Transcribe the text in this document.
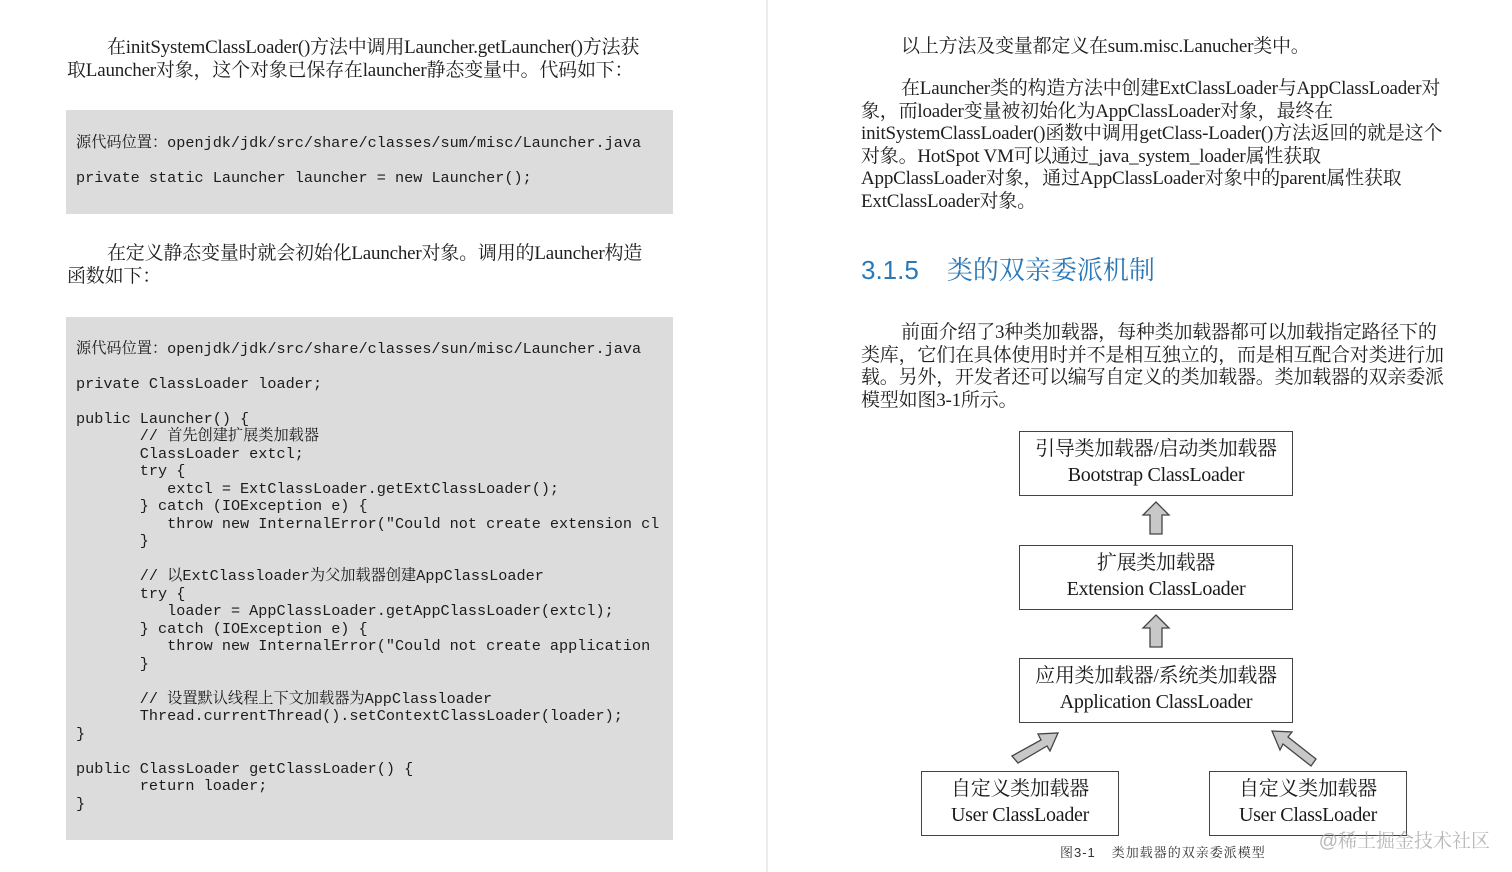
在initSystemClassLoader()方法中调用Launcher.getLauncher()方法获
取Launcher对象，这个对象已保存在launcher静态变量中。代码如下：
源代码位置：openjdk/jdk/src/share/classes/sum/misc/Launcher.java
private static Launcher launcher = new Launcher();
在定义静态变量时就会初始化Launcher对象。调用的Launcher构造
函数如下：
源代码位置：openjdk/jdk/src/share/classes/sun/misc/Launcher.java
private ClassLoader loader;
public Launcher() {
// 首先创建扩展类加载器
ClassLoader extcl;
try {
extcl = ExtClassLoader.getExtClassLoader();
} catch (IOException e) {
throw new InternalError("Could not create extension cl
}
// 以ExtClassloader为父加载器创建AppClassLoader
try {
loader = AppClassLoader.getAppClassLoader(extcl);
} catch (IOException e) {
throw new InternalError("Could not create application
}
// 设置默认线程上下文加载器为AppClassloader
Thread.currentThread().setContextClassLoader(loader);
}
public ClassLoader getClassLoader() {
return loader;
}
以上方法及变量都定义在sum.misc.Lanucher类中。
在Launcher类的构造方法中创建ExtClassLoader与AppClassLoader对
象，而loader变量被初始化为AppClassLoader对象，最终在
initSystemClassLoader()函数中调用getClass-Loader()方法返回的就是这个
对象。HotSpot VM可以通过_java_system_loader属性获取
AppClassLoader对象，通过AppClassLoader对象中的parent属性获取
ExtClassLoader对象。
3.1.5 类的双亲委派机制
前面介绍了3种类加载器，每种类加载器都可以加载指定路径下的
类库，它们在具体使用时并不是相互独立的，而是相互配合对类进行加
载。另外，开发者还可以编写自定义的类加载器。类加载器的双亲委派
模型如图3-1所示。
引导类加载器/启动类加载器
Bootstrap ClassLoader
扩展类加载器
Extension ClassLoader
应用类加载器/系统类加载器
Application ClassLoader
自定义类加载器
User ClassLoader
自定义类加载器
User ClassLoader
图3-1 类加载器的双亲委派模型
@稀土掘金技术社区
